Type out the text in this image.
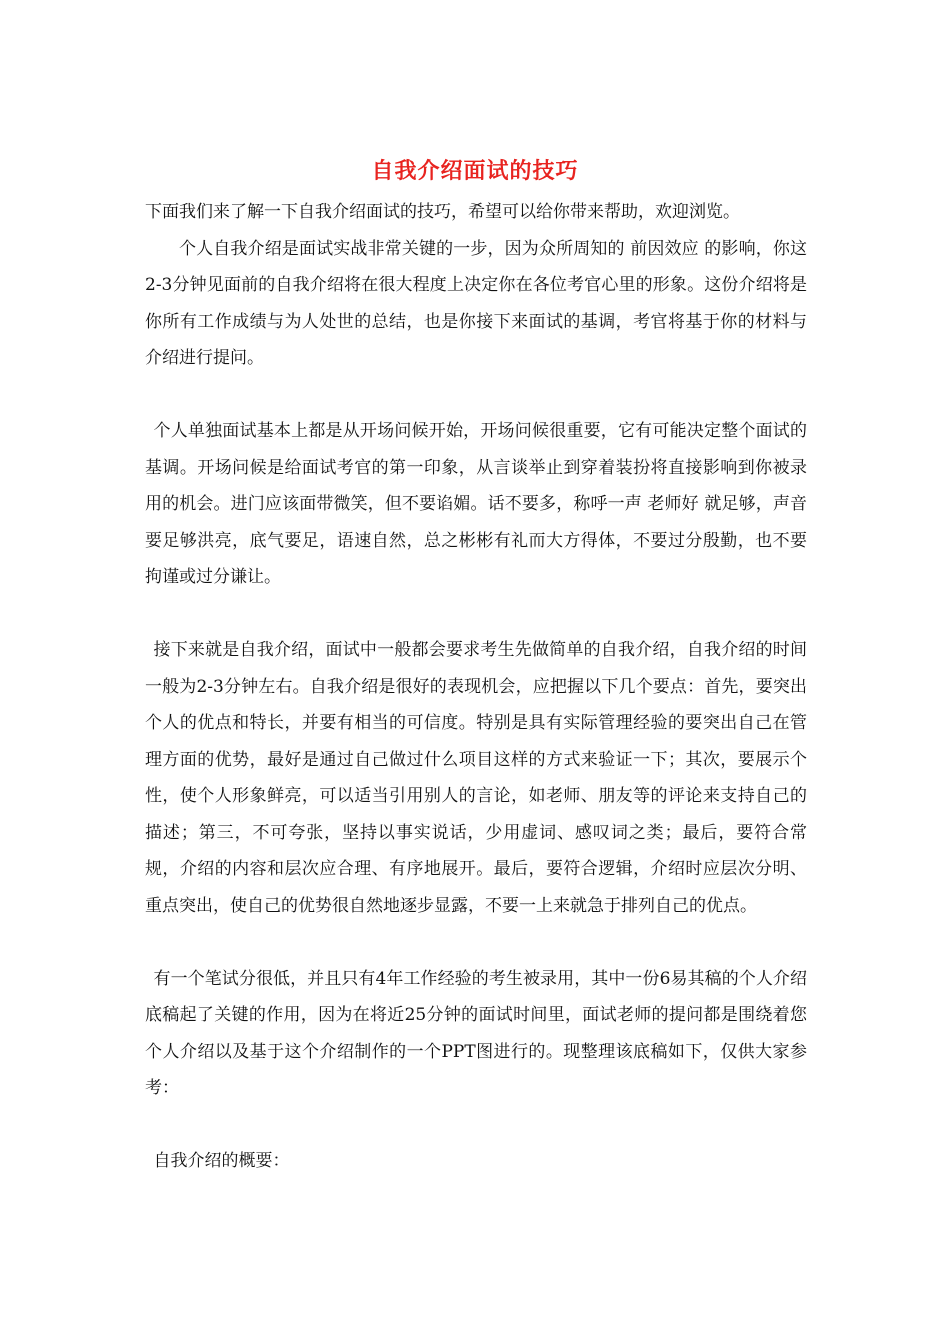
自我介绍面试的技巧

下面我们来了解一下自我介绍面试的技巧，希望可以给你带来帮助，欢迎浏览。

个人自我介绍是面试实战非常关键的一步，因为众所周知的 前因效应 的影响，你这2-3分钟见面前的自我介绍将在很大程度上决定你在各位考官心里的形象。这份介绍将是你所有工作成绩与为人处世的总结，也是你接下来面试的基调，考官将基于你的材料与介绍进行提问。

个人单独面试基本上都是从开场问候开始，开场问候很重要，它有可能决定整个面试的基调。开场问候是给面试考官的第一印象，从言谈举止到穿着装扮将直接影响到你被录用的机会。进门应该面带微笑，但不要谄媚。话不要多，称呼一声 老师好 就足够，声音要足够洪亮，底气要足，语速自然，总之彬彬有礼而大方得体，不要过分殷勤，也不要拘谨或过分谦让。

接下来就是自我介绍，面试中一般都会要求考生先做简单的自我介绍，自我介绍的时间一般为2-3分钟左右。自我介绍是很好的表现机会，应把握以下几个要点：首先，要突出个人的优点和特长，并要有相当的可信度。特别是具有实际管理经验的要突出自己在管理方面的优势，最好是通过自己做过什么项目这样的方式来验证一下；其次，要展示个性，使个人形象鲜亮，可以适当引用别人的言论，如老师、朋友等的评论来支持自己的描述；第三，不可夸张，坚持以事实说话，少用虚词、感叹词之类；最后，要符合常规，介绍的内容和层次应合理、有序地展开。最后，要符合逻辑，介绍时应层次分明、重点突出，使自己的优势很自然地逐步显露，不要一上来就急于排列自己的优点。

有一个笔试分很低，并且只有4年工作经验的考生被录用，其中一份6易其稿的个人介绍底稿起了关键的作用，因为在将近25分钟的面试时间里，面试老师的提问都是围绕着您个人介绍以及基于这个介绍制作的一个PPT图进行的。现整理该底稿如下，仅供大家参考：

自我介绍的概要：
